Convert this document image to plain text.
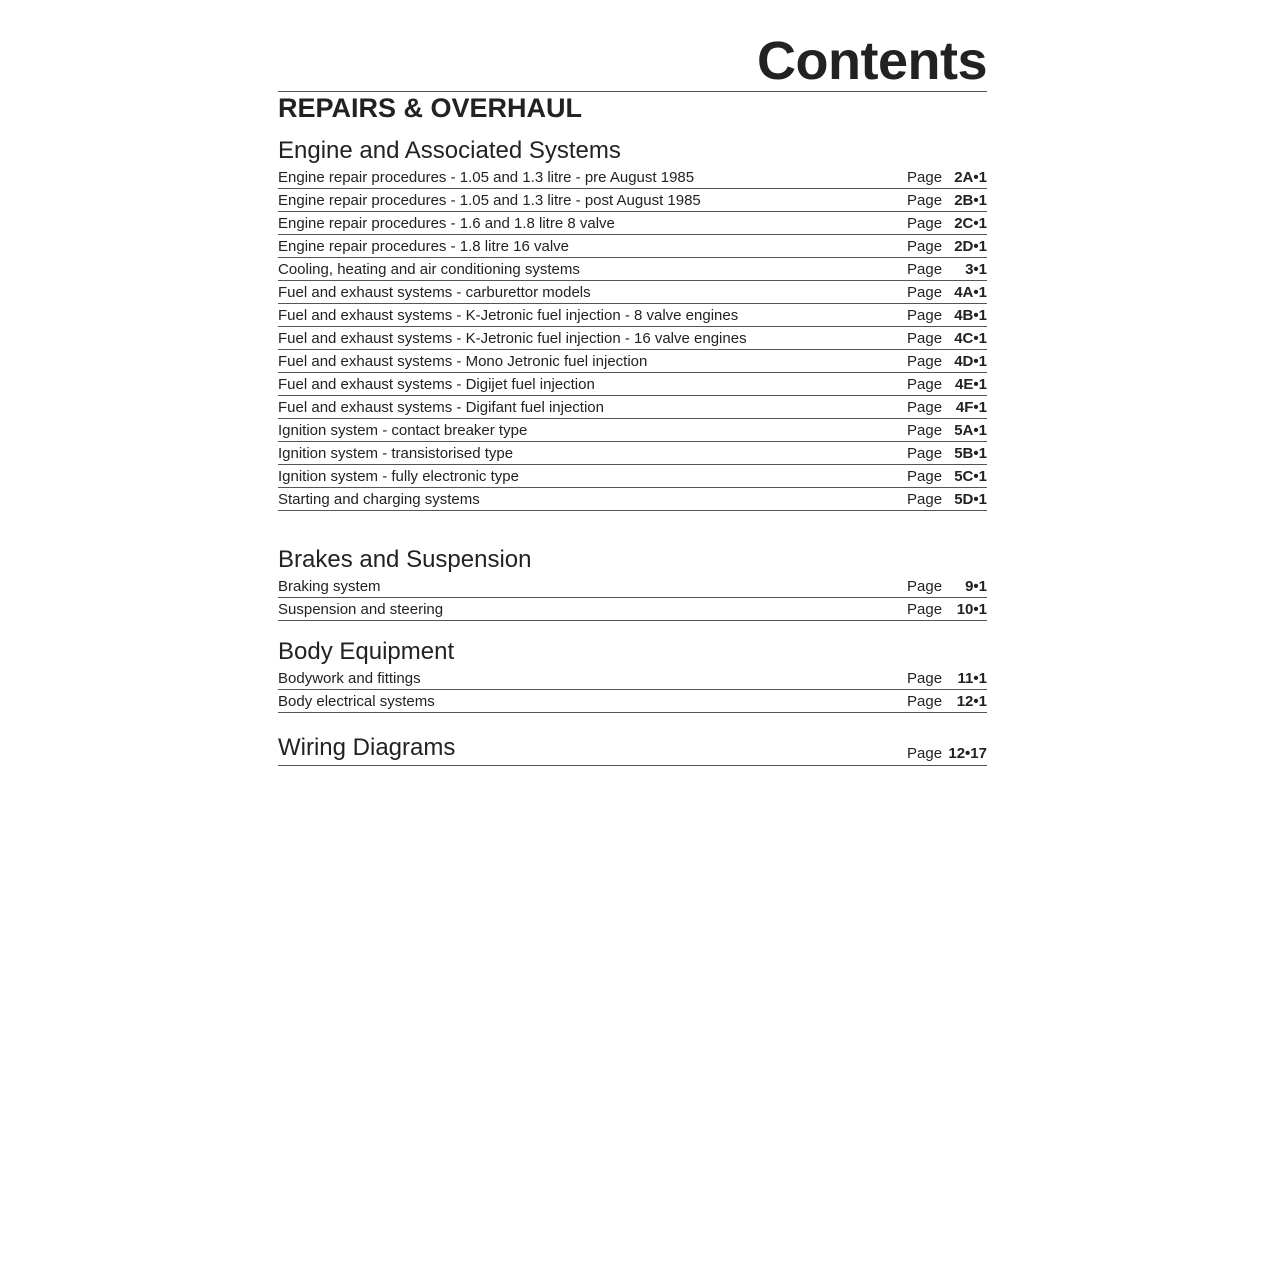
Contents
REPAIRS & OVERHAUL
Engine and Associated Systems
Engine repair procedures - 1.05 and 1.3 litre - pre August 1985	Page 2A•1
Engine repair procedures - 1.05 and 1.3 litre - post August 1985	Page 2B•1
Engine repair procedures - 1.6 and 1.8 litre 8 valve	Page 2C•1
Engine repair procedures - 1.8 litre 16 valve	Page 2D•1
Cooling, heating and air conditioning systems	Page	3•1
Fuel and exhaust systems - carburettor models	Page 4A•1
Fuel and exhaust systems - K-Jetronic fuel injection - 8 valve engines	Page 4B•1
Fuel and exhaust systems - K-Jetronic fuel injection - 16 valve engines	Page 4C•1
Fuel and exhaust systems - Mono Jetronic fuel injection	Page 4D•1
Fuel and exhaust systems - Digijet fuel injection	Page 4E•1
Fuel and exhaust systems - Digifant fuel injection	Page 4F•1
Ignition system - contact breaker type	Page 5A•1
Ignition system - transistorised type	Page 5B•1
Ignition system - fully electronic type	Page 5C•1
Starting and charging systems	Page 5D•1
Brakes and Suspension
Braking system	Page	9•1
Suspension and steering	Page 10•1
Body Equipment
Bodywork and fittings	Page	11•1
Body electrical systems	Page 12•1
Wiring Diagrams	Page 12•17
